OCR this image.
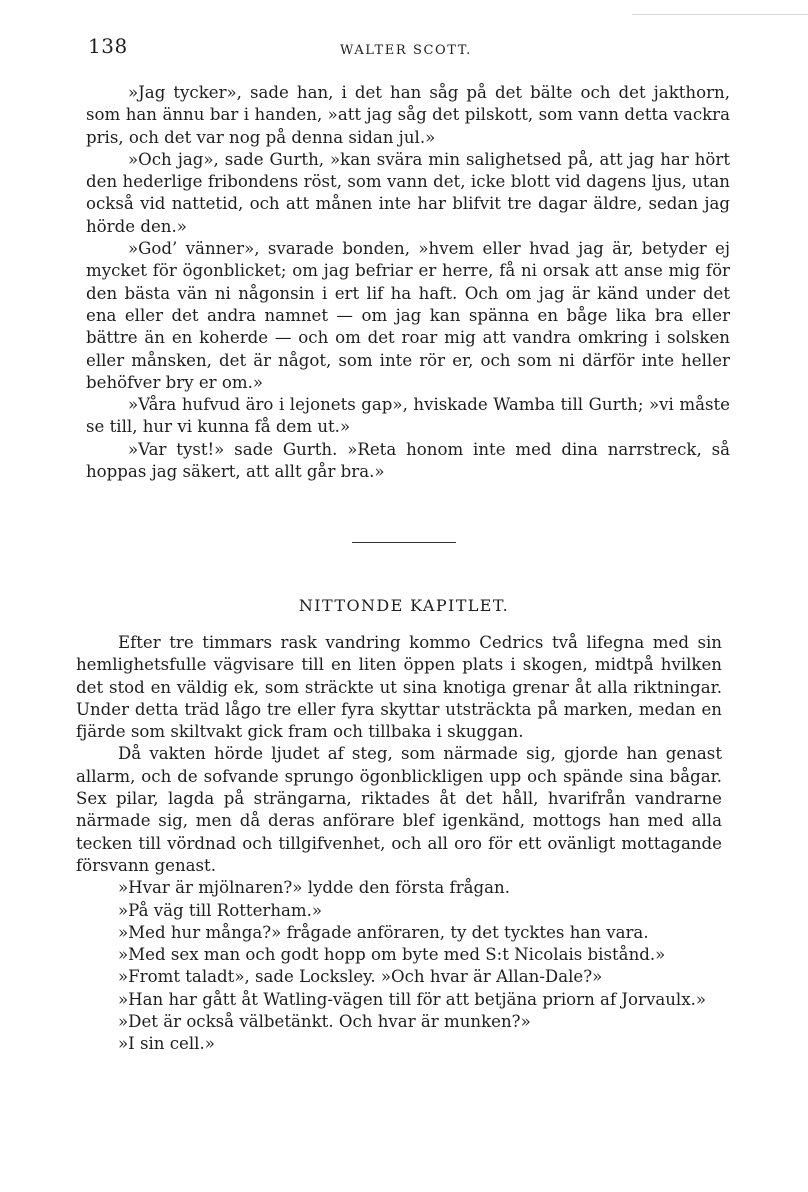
138	WALTER SCOTT.

»Jag tycker», sade han, i det han såg på det bälte och det jakthorn, som han ännu bar i handen, »att jag såg det pilskott, som vann detta vackra pris, och det var nog på denna sidan jul.»

»Och jag», sade Gurth, »kan svära min salighetsed på, att jag har hört den hederlige fribondens röst, som vann det, icke blott vid dagens ljus, utan också vid nattetid, och att månen inte har blifvit tre dagar äldre, sedan jag hörde den.»

»God’ vänner», svarade bonden, »hvem eller hvad jag är, betyder ej mycket för ögonblicket; om jag befriar er herre, få ni orsak att anse mig för den bästa vän ni någonsin i ert lif ha haft. Och om jag är känd under det ena eller det andra namnet — om jag kan spänna en båge lika bra eller bättre än en koherde — och om det roar mig att vandra omkring i solsken eller månsken, det är något, som inte rör er, och som ni därför inte heller behöfver bry er om.»

»Våra hufvud äro i lejonets gap», hviskade Wamba till Gurth; »vi måste se till, hur vi kunna få dem ut.»

»Var tyst!» sade Gurth. »Reta honom inte med dina narrstreck, så hoppas jag säkert, att allt går bra.»

NITTONDE KAPITLET.

Efter tre timmars rask vandring kommo Cedrics två lifegna med sin hemlighetsfulle vägvisare till en liten öppen plats i skogen, midtpå hvilken det stod en väldig ek, som sträckte ut sina knotiga grenar åt alla riktningar. Under detta träd lågo tre eller fyra skyttar utsträckta på marken, medan en fjärde som skiltvakt gick fram och tillbaka i skuggan.

Då vakten hörde ljudet af steg, som närmade sig, gjorde han genast allarm, och de sofvande sprungo ögonblickligen upp och spände sina bågar. Sex pilar, lagda på strängarna, riktades åt det håll, hvarifrån vandrarne närmade sig, men då deras anförare blef igenkänd, mottogs han med alla tecken till vördnad och tillgifvenhet, och all oro för ett ovänligt mottagande försvann genast.

»Hvar är mjölnaren?» lydde den första frågan.

»På väg till Rotterham.»

»Med hur många?» frågade anföraren, ty det tycktes han vara.

»Med sex man och godt hopp om byte med S:t Nicolais bistånd.»

»Fromt taladt», sade Locksley. »Och hvar är Allan-Dale?»

»Han har gått åt Watling-vägen till för att betjäna priorn af Jorvaulx.»

»Det är också välbetänkt. Och hvar är munken?»

»I sin cell.»
